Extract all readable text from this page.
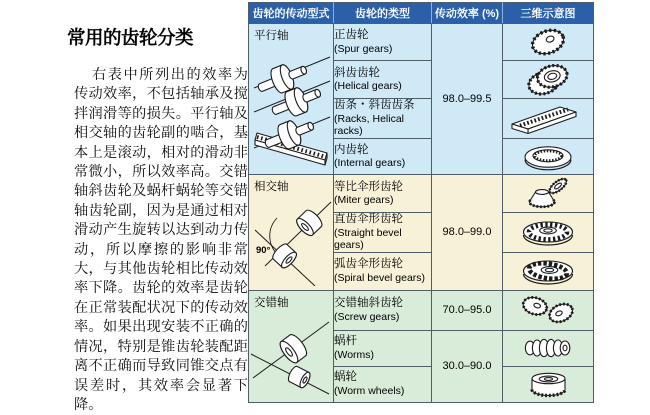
常用的齿轮分类
右表中所列出的效率为传动效率，不包括轴承及搅拌润滑等的损失。平行轴及相交轴的齿轮副的啮合，基本上是滚动，相对的滑动非常微小，所以效率高。交错轴斜齿轮及蜗杆蜗轮等交错轴齿轮副，因为是通过相对滑动产生旋转以达到动力传动，所以摩擦的影响非常大，与其他齿轮相比传动效率下降。齿轮的效率是齿轮在正常装配状况下的传动效率。如果出现安装不正确的情况，特别是锥齿轮装配距离不正确而导致同锥交点有误差时，其效率会显著下降。
齿轮的传动型式	齿轮的类型	传动效率 (%)	三维示意图

平行轴	正齿轮
(Spur gears)	98.0–99.5	

	斜齿齿轮
(Helical gears)

	齿条・斜齿齿条
(Racks, Helical racks)

	内齿轮
(Internal gears)

相交轴
90°

等比伞形齿轮
(Miter gears)
	98.0–99.0	

	直齿伞形齿轮
(Straight bevel gears)

	弧齿伞形齿轮
(Spiral bevel gears)

交错轴	交错轴斜齿轮
(Screw gears)	70.0–95.0	

	蜗杆
(Worms)	30.0–90.0	

	蜗轮
(Worm wheels)
